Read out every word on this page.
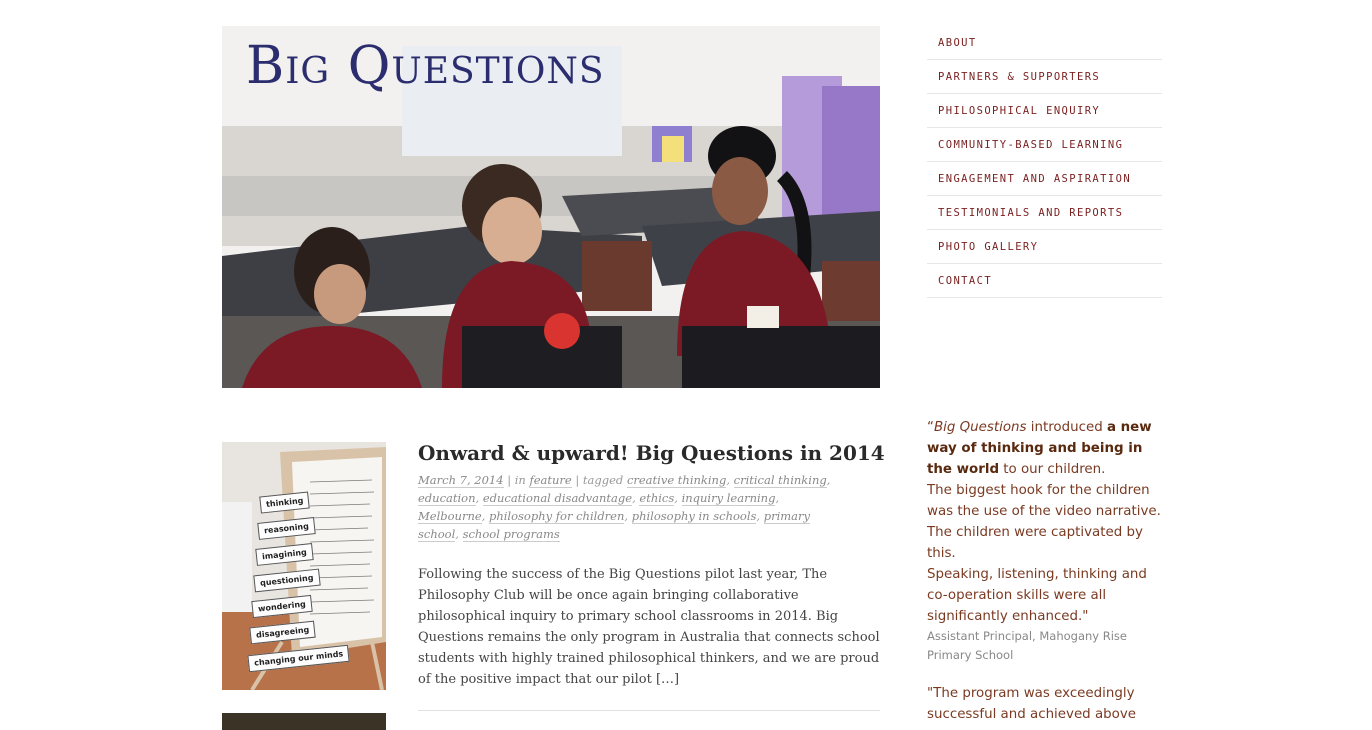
Big Questions	ABOUT
PARTNERS & SUPPORTERS
PHILOSOPHICAL ENQUIRY
COMMUNITY-BASED LEARNING
ENGAGEMENT AND ASPIRATION
TESTIMONIALS AND REPORTS
PHOTO GALLERY
CONTACT
thinking
reasoning
imagining
questioning
wondering
disagreeing
changing our minds
Onward & upward! Big Questions in 2014
March 7, 2014 | in feature | tagged creative thinking, critical thinking, education, educational disadvantage, ethics, inquiry learning, Melbourne, philosophy for children, philosophy in schools, primary school, school programs

Following the success of the Big Questions pilot last year, The Philosophy Club will be once again bringing collaborative philosophical inquiry to primary school classrooms in 2014. Big Questions remains the only program in Australia that connects school students with highly trained philosophical thinkers, and we are proud of the positive impact that our pilot […]

“Big Questions introduced a new way of thinking and being in the world to our children.
The biggest hook for the children was the use of the video narrative. The children were captivated by this.
Speaking, listening, thinking and co-operation skills were all significantly enhanced."
Assistant Principal, Mahogany Rise Primary School
"The program was exceedingly successful and achieved above
